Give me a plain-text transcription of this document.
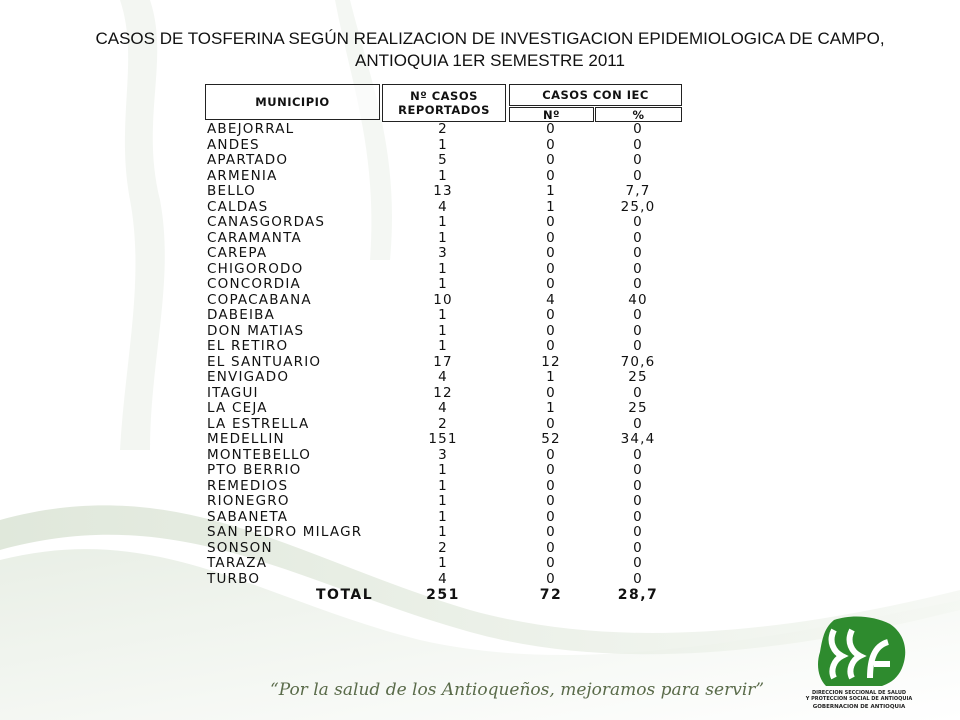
CASOS DE TOSFERINA SEGÚN REALIZACION DE INVESTIGACION EPIDEMIOLOGICA DE CAMPO,
ANTIOQUIA 1ER SEMESTRE 2011
MUNICIPIO	Nº CASOS
REPORTADOS
CASOS CON IEC
Nº	%
ABEJORRAL	2	0	0
ANDES	1	0	0
APARTADO	5	0	0
ARMENIA	1	0	0
BELLO	13	1	7,7
CALDAS	4	1	25,0
CANASGORDAS	1	0	0
CARAMANTA	1	0	0
CAREPA	3	0	0
CHIGORODO	1	0	0
CONCORDIA	1	0	0
COPACABANA	10	4	40
DABEIBA	1	0	0
DON MATIAS	1	0	0
EL RETIRO	1	0	0
EL SANTUARIO	17	12	70,6
ENVIGADO	4	1	25
ITAGUI	12	0	0
LA CEJA	4	1	25
LA ESTRELLA	2	0	0
MEDELLIN	151	52	34,4
MONTEBELLO	3	0	0
PTO BERRIO	1	0	0
REMEDIOS	1	0	0
RIONEGRO	1	0	0
SABANETA	1	0	0
SAN PEDRO MILAGR	1	0	0
SONSON	2	0	0
TARAZA	1	0	0
TURBO	4	0	0
TOTAL	251	72	28,7
“Por la salud de los Antioqueños, mejoramos para servir”	DIRECCION SECCIONAL DE SALUD
Y PROTECCION SOCIAL DE ANTIOQUIA
GOBERNACION DE ANTIOQUIA
